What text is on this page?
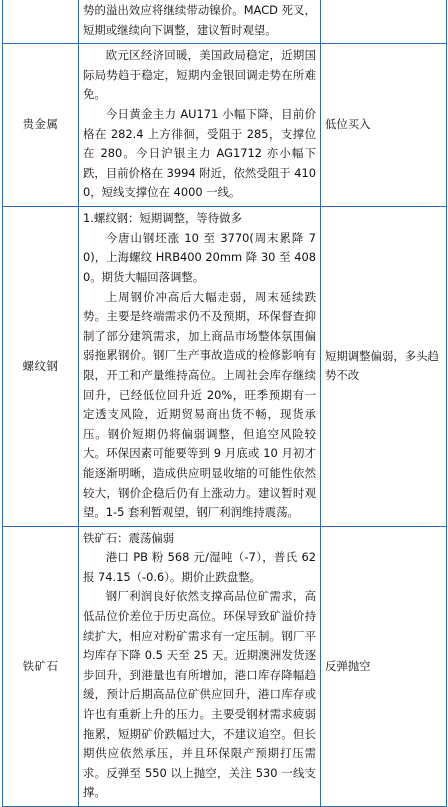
	势的溢出效应将继续带动镍价。MACD 死叉，短期或继续向下调整，建议暂时观望。	

贵金属	欧元区经济回暖，美国政局稳定，近期国际局势趋于稳定，短期内金银回调走势在所难免。

今日黄金主力 AU171 小幅下降，目前价格在 282.4 上方徘徊，受阻于 285，支撑位在 280。今日沪银主力 AG1712 亦小幅下跌，目前价格在 3994 附近，依然受阻于 4100，短线支撑位在 4000 一线。	低位买入
螺纹钢	1.螺纹钢：短期调整，等待做多

今唐山钢坯涨 10 至 3770(周末累降 70)，上海螺纹 HRB400 20mm 降 30 至 4080。期货大幅回落调整。

上周钢价冲高后大幅走弱，周末延续跌势。主要是终端需求仍不及预期，环保督查抑制了部分建筑需求，加上商品市场整体氛围偏弱拖累钢价。钢厂生产事故造成的检修影响有限，开工和产量维持高位。上周社会库存继续回升，已经低位回升近 20%，旺季预期有一定透支风险，近期贸易商出货不畅，现货承压。钢价短期仍将偏弱调整，但追空风险较大。环保因素可能要等到 9 月底或 10 月初才能逐渐明晰，造成供应明显收缩的可能性依然较大，钢价企稳后仍有上涨动力。建议暂时观望。1-5 套利暂观望，钢厂利润维持震荡。	短期调整偏弱，多头趋势不改
铁矿石	铁矿石：震荡偏弱

港口 PB 粉 568 元/湿吨（-7），普氏 62 报 74.15（-0.6）。期价止跌盘整。

钢厂利润良好依然支撑高品位矿需求，高低品位价差位于历史高位。环保导致矿溢价持续扩大，相应对粉矿需求有一定压制。钢厂平均库存下降 0.5 天至 25 天。近期澳洲发货逐步回升，到港量也有所增加，港口库存降幅趋缓，预计后期高品位矿供应回升，港口库存或许也有重新上升的压力。主要受钢材需求疲弱拖累，短期矿价跌幅过大，不建议追空。但长期供应依然承压，并且环保限产预期打压需求。反弹至 550 以上抛空，关注 530 一线支撑。	反弹抛空
